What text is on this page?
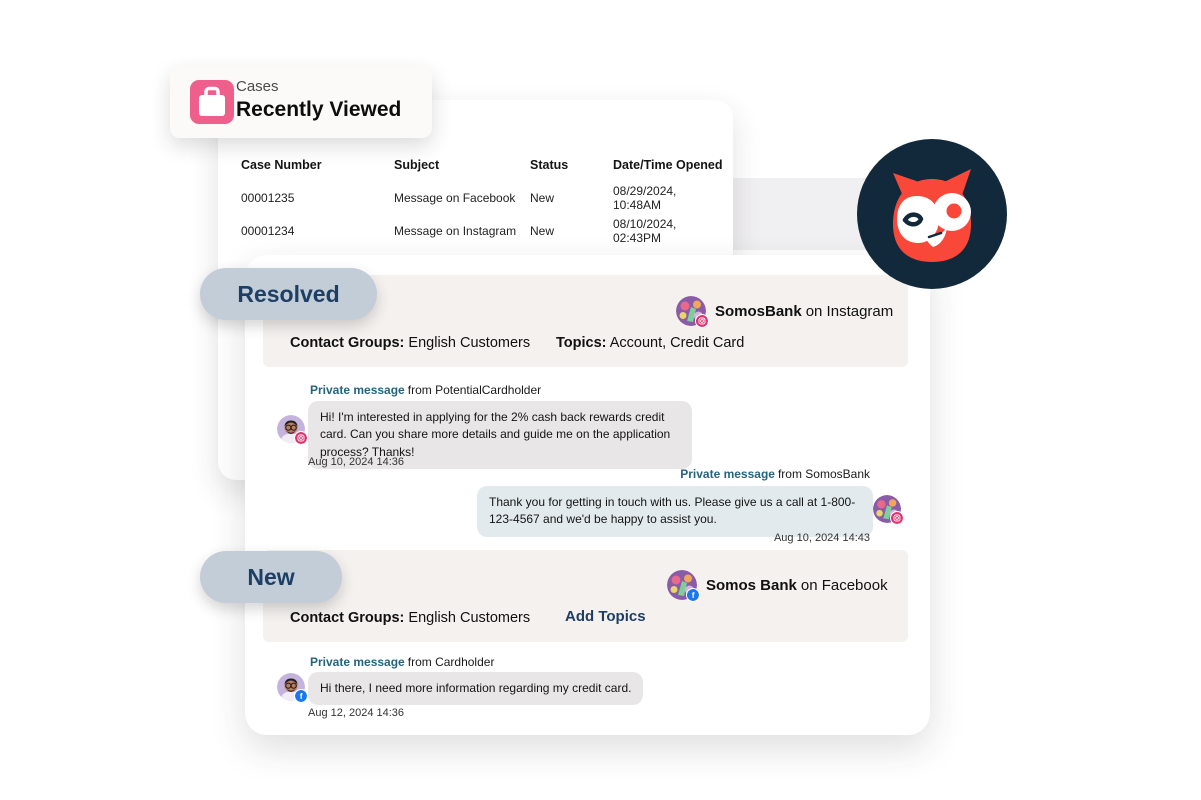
Case Number	Subject	Status	Date/Time Opened
00001235	Message on Facebook	New	08/29/2024, 10:48AM
00001234	Message on Instagram	New	08/10/2024, 02:43PM
SomosBank on Instagram
Contact Groups: English Customers Topics: Account, Credit Card
Private message from PotentialCardholder
Hi! I'm interested in applying for the 2% cash back rewards credit card. Can you share more details and guide me on the application process? Thanks!
Aug 10, 2024 14:36
Private message from SomosBank
Thank you for getting in touch with us. Please give us a call at 1-800-123-4567 and we'd be happy to assist you.
Aug 10, 2024 14:43
f
Somos Bank on Facebook
Contact Groups: English Customers Add Topics
Private message from Cardholder
f
Hi there, I need more information regarding my credit card.
Aug 12, 2024 14:36
Resolved
New
Cases
Recently Viewed
